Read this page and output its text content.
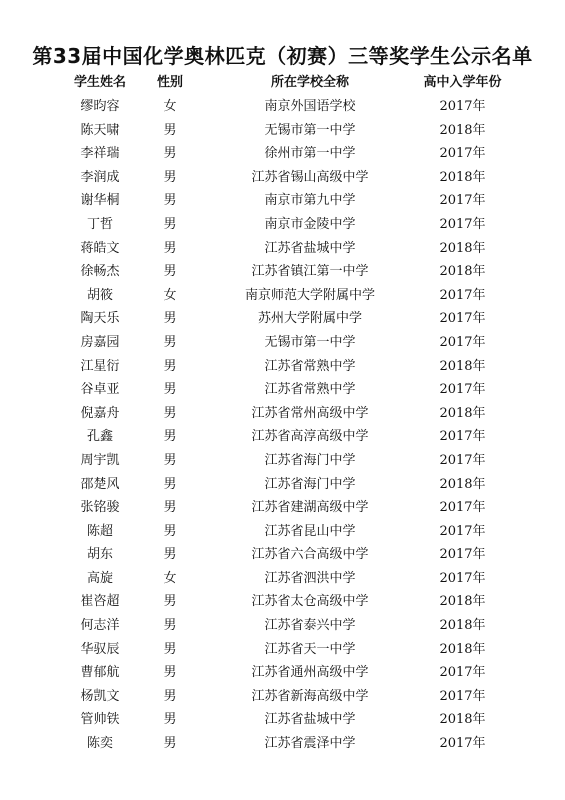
第33届中国化学奥林匹克（初赛）三等奖学生公示名单
学生姓名	性别	所在学校全称	高中入学年份
缪昀容	女	南京外国语学校	2017年
陈天啸	男	无锡市第一中学	2018年
李祥瑞	男	徐州市第一中学	2017年
李润成	男	江苏省锡山高级中学	2018年
谢华桐	男	南京市第九中学	2017年
丁哲	男	南京市金陵中学	2017年
蒋皓文	男	江苏省盐城中学	2018年
徐畅杰	男	江苏省镇江第一中学	2018年
胡筱	女	南京师范大学附属中学	2017年
陶天乐	男	苏州大学附属中学	2017年
房嘉园	男	无锡市第一中学	2017年
江星衍	男	江苏省常熟中学	2018年
谷卓亚	男	江苏省常熟中学	2017年
倪嘉舟	男	江苏省常州高级中学	2018年
孔鑫	男	江苏省高淳高级中学	2017年
周宇凯	男	江苏省海门中学	2017年
邵楚风	男	江苏省海门中学	2018年
张铭骏	男	江苏省建湖高级中学	2017年
陈超	男	江苏省昆山中学	2017年
胡东	男	江苏省六合高级中学	2017年
高旋	女	江苏省泗洪中学	2017年
崔咨超	男	江苏省太仓高级中学	2018年
何志洋	男	江苏省泰兴中学	2018年
华驭辰	男	江苏省天一中学	2018年
曹郁航	男	江苏省通州高级中学	2017年
杨凯文	男	江苏省新海高级中学	2017年
管帅铁	男	江苏省盐城中学	2018年
陈奕	男	江苏省震泽中学	2017年
